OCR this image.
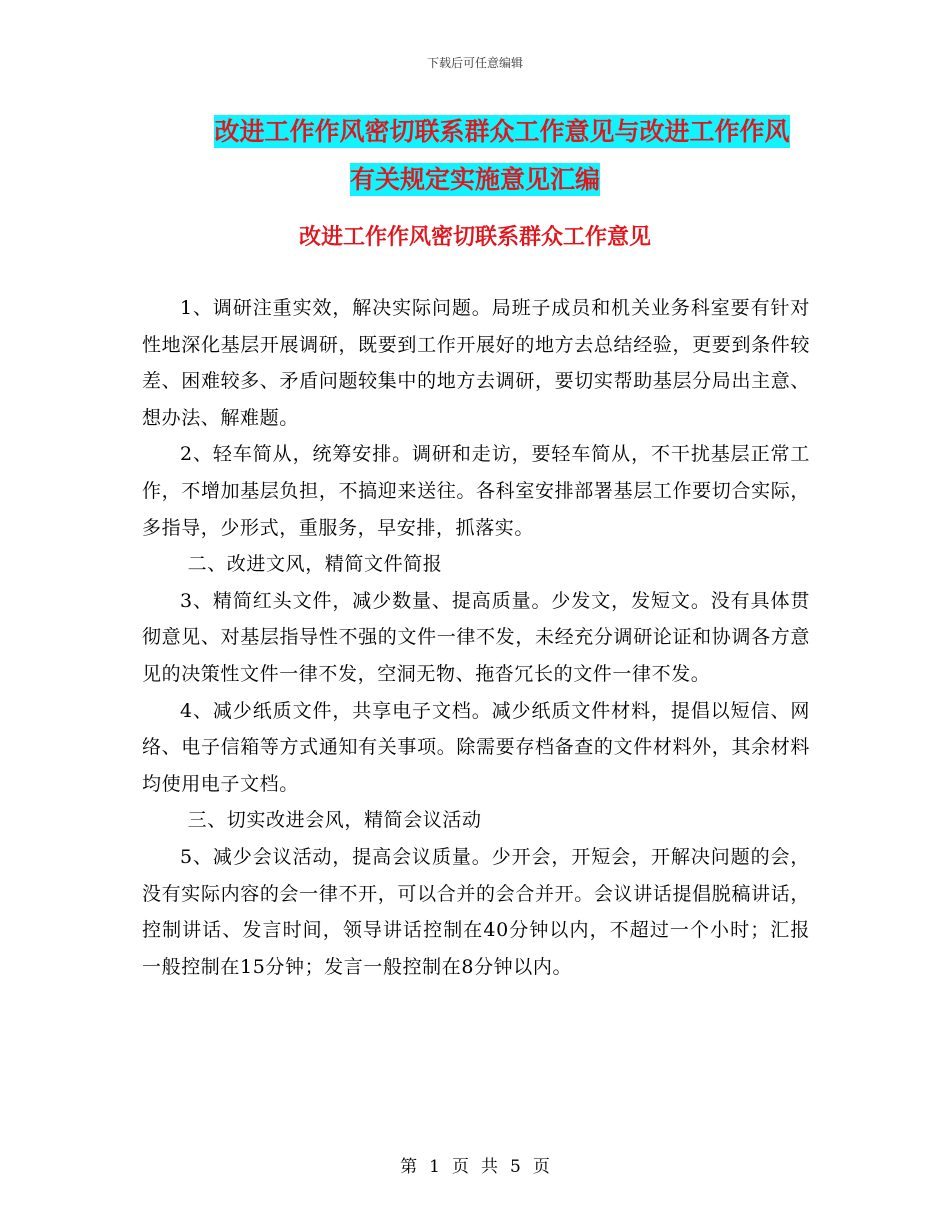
下载后可任意编辑
改进工作作风密切联系群众工作意见与改进工作作风
有关规定实施意见汇编
改进工作作风密切联系群众工作意见

1、调研注重实效，解决实际问题。局班子成员和机关业务科室要有针对性地深化基层开展调研，既要到工作开展好的地方去总结经验，更要到条件较差、困难较多、矛盾问题较集中的地方去调研，要切实帮助基层分局出主意、想办法、解难题。

2、轻车简从，统筹安排。调研和走访，要轻车简从，不干扰基层正常工作，不增加基层负担，不搞迎来送往。各科室安排部署基层工作要切合实际，多指导，少形式，重服务，早安排，抓落实。

二、改进文风，精简文件简报

3、精简红头文件，减少数量、提高质量。少发文，发短文。没有具体贯彻意见、对基层指导性不强的文件一律不发，未经充分调研论证和协调各方意见的决策性文件一律不发，空洞无物、拖沓冗长的文件一律不发。

4、减少纸质文件，共享电子文档。减少纸质文件材料，提倡以短信、网络、电子信箱等方式通知有关事项。除需要存档备查的文件材料外，其余材料均使用电子文档。

三、切实改进会风，精简会议活动

5、减少会议活动，提高会议质量。少开会，开短会，开解决问题的会，没有实际内容的会一律不开，可以合并的会合并开。会议讲话提倡脱稿讲话，控制讲话、发言时间，领导讲话控制在40分钟以内，不超过一个小时；汇报一般控制在15分钟；发言一般控制在8分钟以内。

第 1 页 共 5 页
